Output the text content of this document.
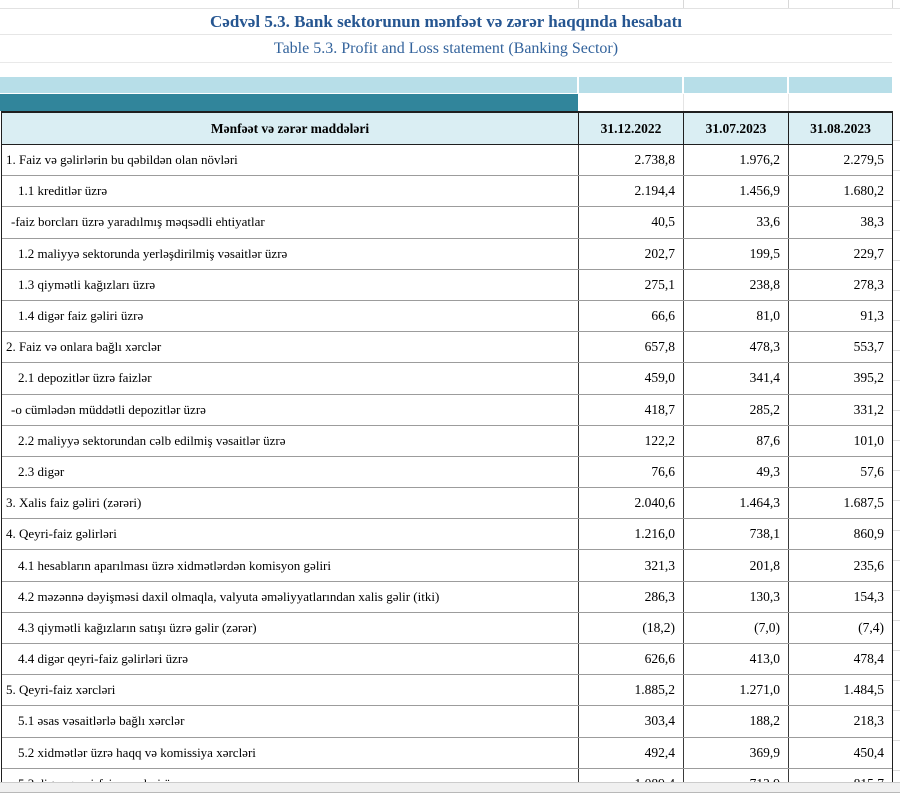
Cədvəl 5.3. Bank sektorunun mənfəət və zərər haqqında hesabatı
Table 5.3. Profit and Loss statement (Banking Sector)
Mənfəət və zərər maddələri	31.12.2022	31.07.2023	31.08.2023
1. Faiz və gəlirlərin bu qəbildən olan növləri	2.738,8	1.976,2	2.279,5
1.1 kreditlər üzrə	2.194,4	1.456,9	1.680,2
-faiz borcları üzrə yaradılmış məqsədli ehtiyatlar	40,5	33,6	38,3
1.2 maliyyə sektorunda yerləşdirilmiş vəsaitlər üzrə	202,7	199,5	229,7
1.3 qiymətli kağızları üzrə	275,1	238,8	278,3
1.4 digər faiz gəliri üzrə	66,6	81,0	91,3
2. Faiz və onlara bağlı xərclər	657,8	478,3	553,7
2.1 depozitlər üzrə faizlər	459,0	341,4	395,2
-o cümlədən müddətli depozitlər üzrə	418,7	285,2	331,2
2.2 maliyyə sektorundan cəlb edilmiş vəsaitlər üzrə	122,2	87,6	101,0
2.3 digər	76,6	49,3	57,6
3. Xalis faiz gəliri (zərəri)	2.040,6	1.464,3	1.687,5
4. Qeyri-faiz gəlirləri	1.216,0	738,1	860,9
4.1 hesabların aparılması üzrə xidmətlərdən komisyon gəliri	321,3	201,8	235,6
4.2 məzənnə dəyişməsi daxil olmaqla, valyuta əməliyyatlarından xalis gəlir (itki)	286,3	130,3	154,3
4.3 qiymətli kağızların satışı üzrə gəlir (zərər)	(18,2)	(7,0)	(7,4)
4.4 digər qeyri-faiz gəlirləri üzrə	626,6	413,0	478,4
5. Qeyri-faiz xərcləri	1.885,2	1.271,0	1.484,5
5.1 əsas vəsaitlərlə bağlı xərclər	303,4	188,2	218,3
5.2 xidmətlər üzrə haqq və komissiya xərcləri	492,4	369,9	450,4
